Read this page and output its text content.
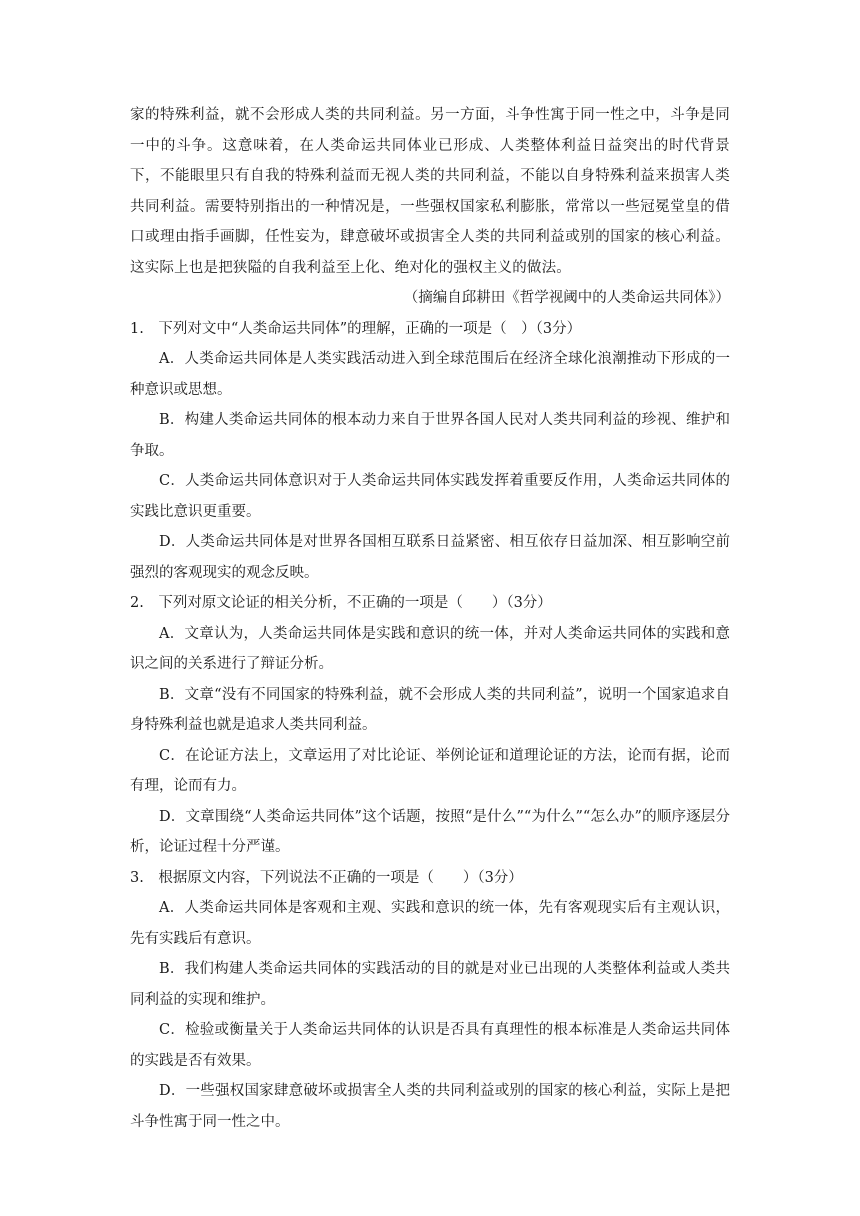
家的特殊利益，就不会形成人类的共同利益。另一方面，斗争性寓于同一性之中，斗争是同一中的斗争。这意味着，在人类命运共同体业已形成、人类整体利益日益突出的时代背景下，不能眼里只有自我的特殊利益而无视人类的共同利益，不能以自身特殊利益来损害人类共同利益。需要特别指出的一种情况是，一些强权国家私利膨胀，常常以一些冠冕堂皇的借口或理由指手画脚，任性妄为，肆意破坏或损害全人类的共同利益或别的国家的核心利益。这实际上也是把狭隘的自我利益至上化、绝对化的强权主义的做法。

（摘编自邱耕田《哲学视阈中的人类命运共同体》）

1.　下列对文中“人类命运共同体”的理解，正确的一项是（　）（3分）

A．人类命运共同体是人类实践活动进入到全球范围后在经济全球化浪潮推动下形成的一种意识或思想。

B．构建人类命运共同体的根本动力来自于世界各国人民对人类共同利益的珍视、维护和争取。

C．人类命运共同体意识对于人类命运共同体实践发挥着重要反作用，人类命运共同体的实践比意识更重要。

D．人类命运共同体是对世界各国相互联系日益紧密、相互依存日益加深、相互影响空前强烈的客观现实的观念反映。

2.　下列对原文论证的相关分析，不正确的一项是（　　）（3分）

A．文章认为，人类命运共同体是实践和意识的统一体，并对人类命运共同体的实践和意识之间的关系进行了辩证分析。

B．文章“没有不同国家的特殊利益，就不会形成人类的共同利益”，说明一个国家追求自身特殊利益也就是追求人类共同利益。

C．在论证方法上，文章运用了对比论证、举例论证和道理论证的方法，论而有据，论而有理，论而有力。

D．文章围绕“人类命运共同体”这个话题，按照“是什么”“为什么”“怎么办”的顺序逐层分析，论证过程十分严谨。

3.　根据原文内容，下列说法不正确的一项是（　　）（3分）

A．人类命运共同体是客观和主观、实践和意识的统一体，先有客观现实后有主观认识，先有实践后有意识。

B．我们构建人类命运共同体的实践活动的目的就是对业已出现的人类整体利益或人类共同利益的实现和维护。

C．检验或衡量关于人类命运共同体的认识是否具有真理性的根本标准是人类命运共同体的实践是否有效果。

D．一些强权国家肆意破坏或损害全人类的共同利益或别的国家的核心利益，实际上是把斗争性寓于同一性之中。
